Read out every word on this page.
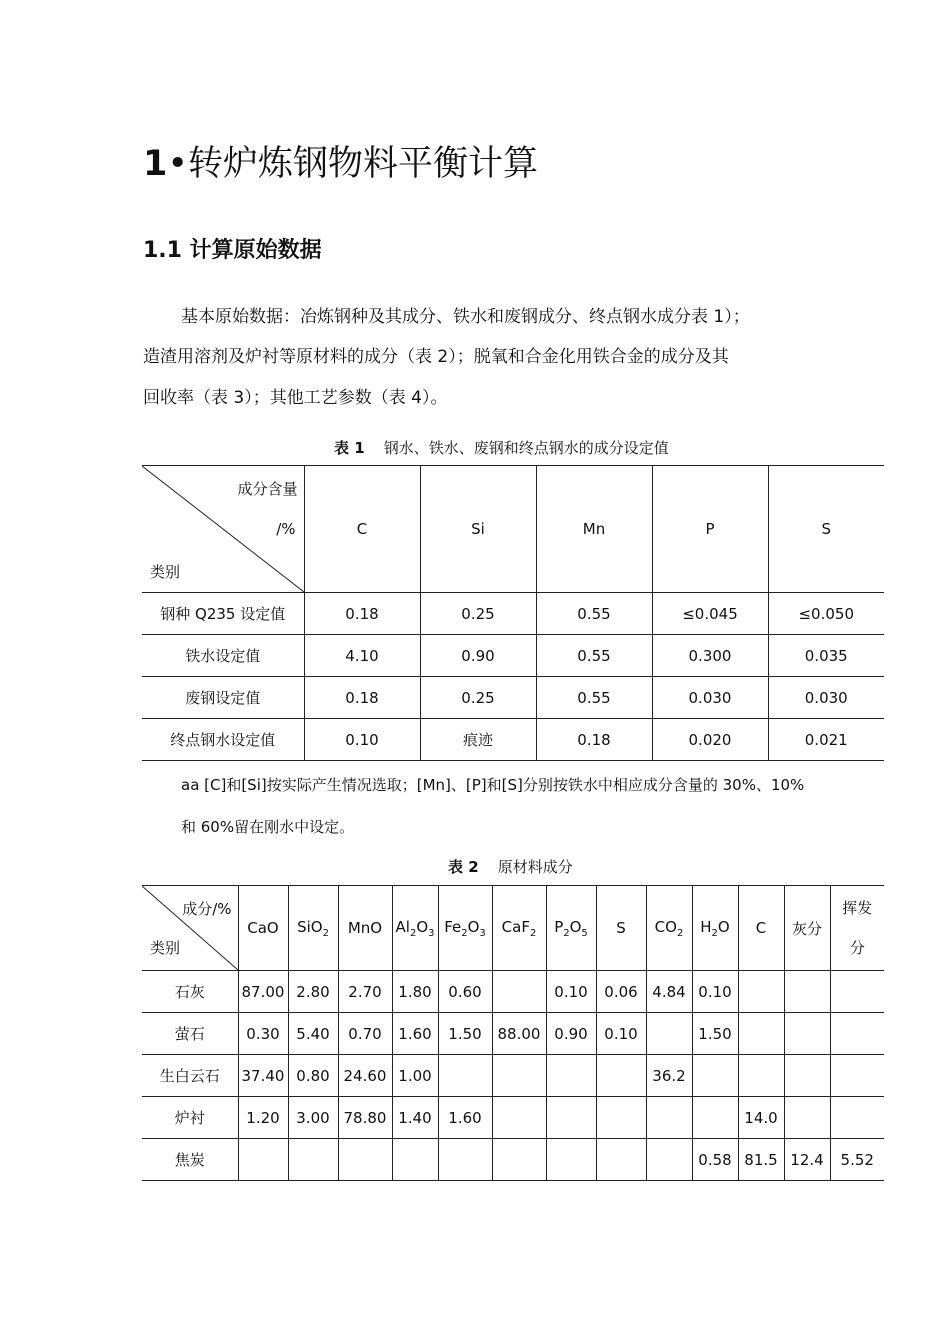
1•转炉炼钢物料平衡计算
1.1 计算原始数据
基本原始数据：冶炼钢种及其成分、铁水和废钢成分、终点钢水成分表 1）；
造渣用溶剂及炉衬等原材料的成分（表 2）；脱氧和合金化用铁合金的成分及其
回收率（表 3）；其他工艺参数（表 4）。
表 1 钢水、铁水、废钢和终点钢水的成分设定值
成分含量
/%
类别	C	Si	Mn	P	S
钢种 Q235 设定值	0.18	0.25	0.55	≤0.045	≤0.050
铁水设定值	4.10	0.90	0.55	0.300	0.035
废钢设定值	0.18	0.25	0.55	0.030	0.030
终点钢水设定值	0.10	痕迹	0.18	0.020	0.021
aa [C]和[Si]按实际产生情况选取；[Mn]、[P]和[S]分别按铁水中相应成分含量的 30%、10%
和 60%留在刚水中设定。
表 2 原材料成分
成分/%
类别	CaO	SiO$_2$	MnO	$Al_2O_3$	$Fe_2O_3$	CaF$_2$	$P_2O_5$	S	$CO_2$	$H_2O$	C	灰分	挥发分
石灰	87.00	2.80	2.70	1.80	0.60		0.10	0.06	4.84	0.10			
萤石	0.30	5.40	0.70	1.60	1.50	88.00	0.90	0.10		1.50			
生白云石	37.40	0.80	24.60	1.00					36.2				
炉衬	1.20	3.00	78.80	1.40	1.60						14.0		
焦炭										0.58	81.5	12.4	5.52
